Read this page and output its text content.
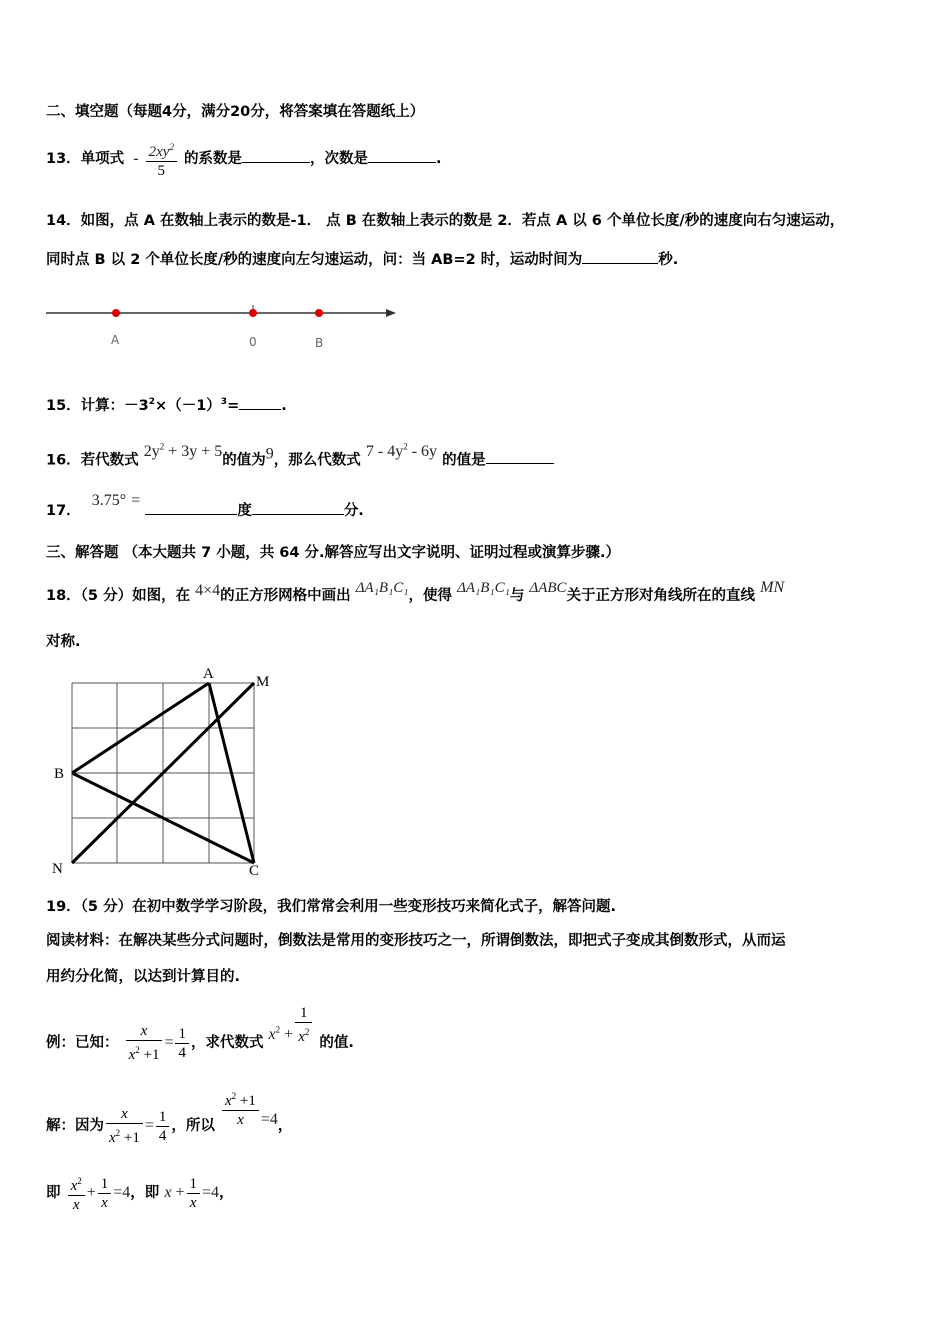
二、填空题（每题4分，满分20分，将答案填在答题纸上）
13．单项式 - $\frac{2xy^2}{5}$ 的系数是	，次数是	.
14．如图，点 A 在数轴上表示的数是-1． 点 B 在数轴上表示的数是 2．若点 A 以 6 个单位长度/秒的速度向右匀速运动，
同时点 B 以 2 个单位长度/秒的速度向左匀速运动，问：当 AB=2 时，运动时间为	秒.
A	0	B
15．计算：$-3^2\times(-1)^3=$	.
16．若代数式 $2y^2 + 3y + 5$的值为9，那么代数式 $7 - 4y^2 - 6y$ 的值是
17． 3.75° = 度	分.
三、解答题 （本大题共 7 小题，共 64 分.解答应写出文字说明、证明过程或演算步骤.）
18．（5 分）如图，在 4×4的正方形网格中画出 ΔA₁B₁C₁，使得 ΔA₁B₁C₁与 ΔABC关于正方形对角线所在的直线 MN
对称.
A	M
B
N	C
19．（5 分）在初中数学学习阶段，我们常常会利用一些变形技巧来简化式子，解答问题.
阅读材料：在解决某些分式问题时，倒数法是常用的变形技巧之一，所谓倒数法，即把式子变成其倒数形式，从而运
用约分化简，以达到计算目的.
例：已知： $\frac{x}{x^2 +1} = \frac{1}{4}$ ，求代数式 $x^2 + \frac{1}{x^2}$ 的值.
解：因为 $\frac{x}{x^2 +1} = \frac{1}{4}$ ，所以 $\frac{x^2 +1}{x} =4$，
即 $\frac{x^2}{x} + \frac{1}{x} =4$，即 $x + \frac{1}{x} =4$，
